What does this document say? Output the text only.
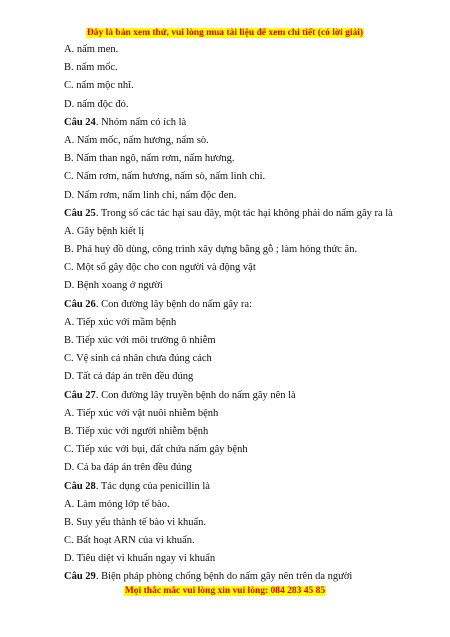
Đây là bản xem thử, vui lòng mua tài liệu để xem chi tiết (có lời giải)
A. nấm men.
B. nấm mốc.
C. nấm mộc nhĩ.
D. nấm độc đỏ.
Câu 24. Nhóm nấm có ích là
A. Nấm mốc, nấm hương, nấm sò.
B. Nấm than ngô, nấm rơm, nấm hương.
C. Nấm rơm, nấm hương, nấm sò, nấm linh chi.
D. Nấm rơm, nấm linh chi, nấm độc đen.
Câu 25. Trong số các tác hại sau đây, một tác hại không phải do nấm gây ra là
A. Gây bệnh kiết lị
B. Phá huỷ đồ dùng, công trình xây dựng bằng gỗ ; làm hỏng thức ăn.
C. Một số gây độc cho con người và động vật
D. Bệnh xoang ở người
Câu 26. Con đường lây bệnh do nấm gây ra:
A. Tiếp xúc với mầm bệnh
B. Tiếp xúc với môi trường ô nhiễm
C. Vệ sinh cá nhân chưa đúng cách
D. Tất cả đáp án trên đều đúng
Câu 27. Con đường lây truyền bệnh do nấm gây nên là
A. Tiếp xúc với vật nuôi nhiễm bệnh
B. Tiếp xúc với người nhiễm bệnh
C. Tiếp xúc với bụi, đất chứa nấm gây bệnh
D. Cả ba đáp án trên đều đúng
Câu 28. Tác dụng của penicillin là
A. Làm mỏng lớp tế bào.
B. Suy yếu thành tế bào vi khuẩn.
C. Bất hoạt ARN của vi khuẩn.
D. Tiêu diệt vi khuẩn ngay vi khuẩn
Câu 29. Biện pháp phòng chống bệnh do nấm gây nên trên da người
Mọi thắc mắc vui lòng xin vui lòng: 084 283 45 85
